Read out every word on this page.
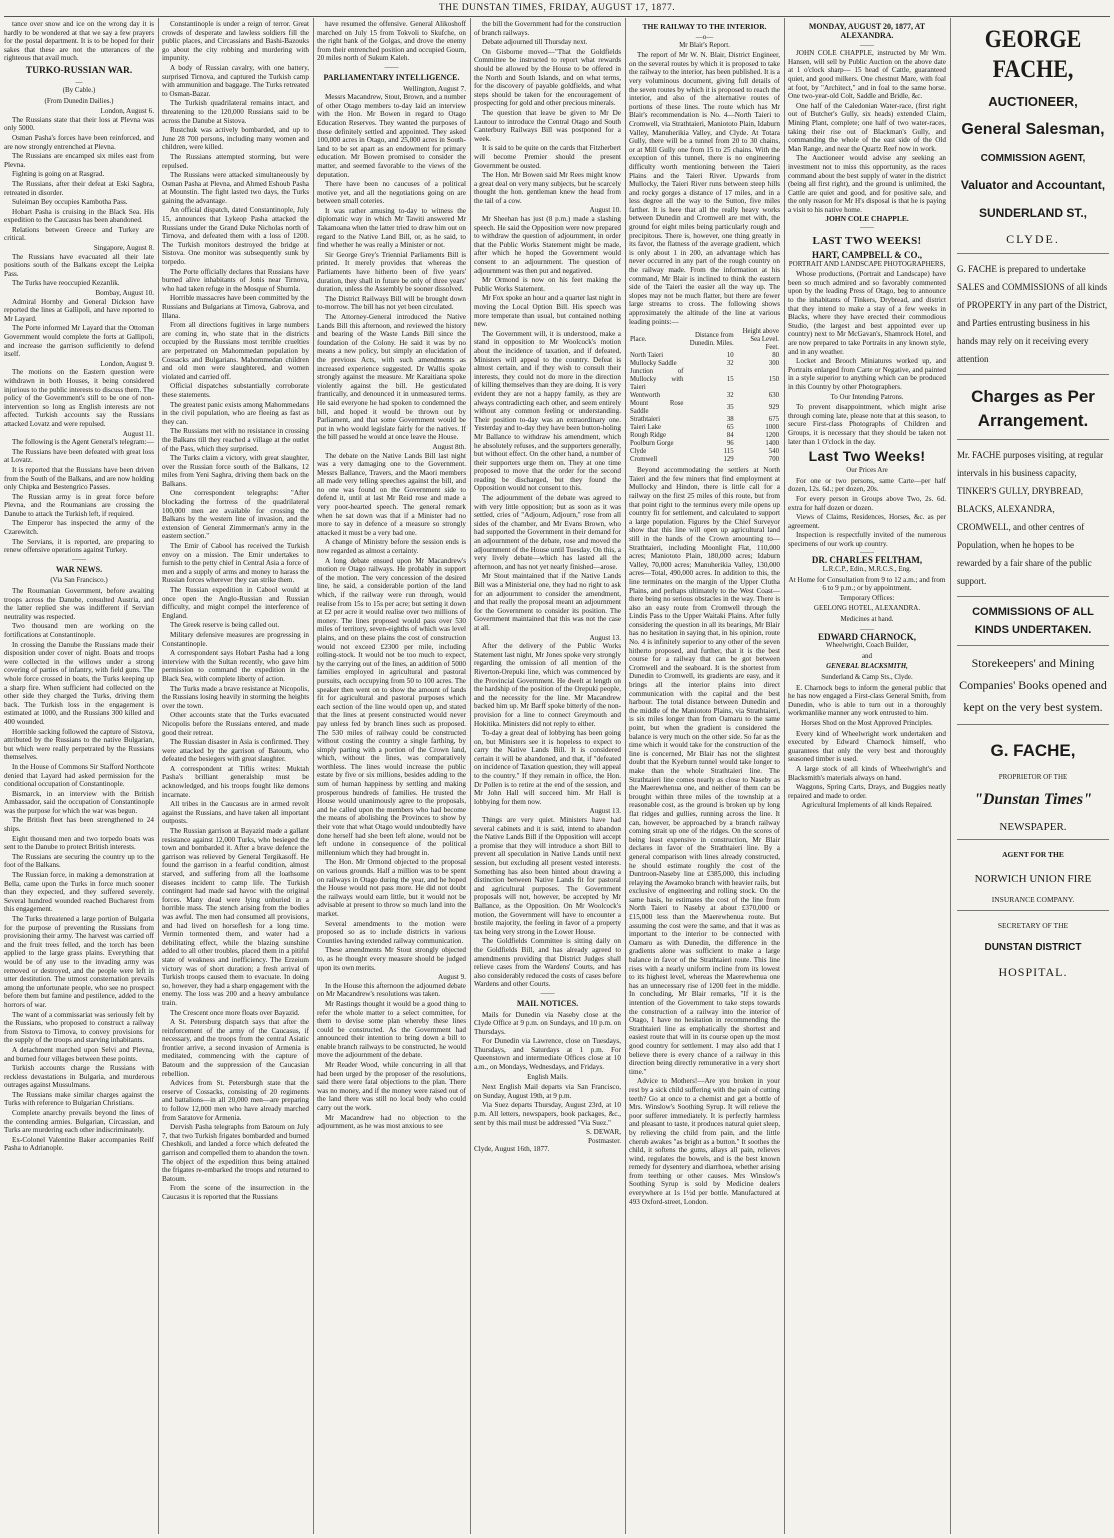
THE DUNSTAN TIMES, FRIDAY, AUGUST 17, 1877.

tance over snow and ice on the wrong day it is hardly to be wondered at that we say a few prayers for the postal department. It is to be hoped for their sakes that these are not the utterances of the righteous that avail much.

TURKO-RUSSIAN WAR.
—
(By Cable.)
(From Dunedin Dailies.)
London, August 6.

The Russians state that their loss at Plevna was only 5000.

Osman Pasha's forces have been reinforced, and are now strongly entrenched at Plevna.

The Russians are encamped six miles east from Plevna.

Fighting is going on at Rasgrad.

The Russians, after their defeat at Eski Sagbra, retreated in disorder.

Suleiman Bey occupies Kambotha Pass.

Hobart Pasha is cruising in the Black Sea. His expedition to the Caucasus has been abandoned.

Relations between Greece and Turkey are critical.

Singapore, August 8.

The Russians have evacuated all their late positions south of the Balkans except the Leipka Pass.

The Turks have reoccupied Kezanlik.

Bombay, August 10.

Admiral Hornby and General Dickson have reported the lines at Gallipoli, and have reported to Mr Layard.

The Porte informed Mr Layard that the Ottoman Government would complete the forts at Gallipoli, and increase the garrison sufficiently to defend itself.

London, August 9.

The motions on the Eastern question were withdrawn in both Houses, it being considered injurious to the public interests to discuss them. The policy of the Government's still to be one of non-intervention so long as English interests are not affected. Turkish accounts say the Russians attacked Lovatz and were repulsed.

August 11.

The following is the Agent General's telegram:—

The Russians have been defeated with great loss at Lovatz.

It is reported that the Russians have been driven from the South of the Balkans, and are now holding only Chipka and Bestengrico Passes.

The Russian army is in great force before Plevna, and the Roumanians are crossing the Danube to attack the Turkish left, if required.

The Emperor has inspected the army of the Czarewitch.

The Servians, it is reported, are preparing to renew offensive operations against Turkey.

——
WAR NEWS.
(Via San Francisco.)

The Roumanian Government, before awaiting troops across the Danube, consulted Austria, and the latter replied she was indifferent if Servian neutrality was respected.

Two thousand men are working on the fortifications at Constantinople.

In crossing the Danube the Russians made their disposition under cover of night. Boats and troops were collected in the willows under a strong covering of parties of infantry, with field guns. The whole force crossed in boats, the Turks keeping up a sharp fire. When sufficient had collected on the other side they charged the Turks, driving them back. The Turkish loss in the engagement is estimated at 1000, and the Russians 300 killed and 400 wounded.

Horrible sacking followed the capture of Sistova, attributed by the Russians to the native Bulgarian, but which were really perpetrated by the Russians themselves.

In the House of Commons Sir Stafford Northcote denied that Layard had asked permission for the conditional occupation of Constantinople.

Bismarck, in an interview with the British Ambassador, said the occupation of Constantinople was the purpose for which the war was begun.

The British fleet has been strengthened to 24 ships.

Eight thousand men and two torpedo boats was sent to the Danube to protect British interests.

The Russians are securing the country up to the foot of the Balkans.

The Russian force, in making a demonstration at Bella, came upon the Turks in force much sooner than they expected, and they suffered severely. Several hundred wounded reached Bucharest from this engagement.

The Turks threatened a large portion of Bulgaria for the purpose of preventing the Russians from provisioning their army. The harvest was carried off and the fruit trees felled, and the torch has been applied to the large grass plains. Everything that would be of any use to the invading army was removed or destroyed, and the people were left in utter destitution. The utmost consternation prevails among the unfortunate people, who see no prospect before them but famine and pestilence, added to the horrors of war.

The want of a commissariat was seriously felt by the Russians, who proposed to construct a railway from Sistova to Tirnova, to convey provisions for the supply of the troops and starving inhabitants.

A detachment marched upon Selvi and Plevna, and burned four villages between these points.

Turkish accounts charge the Russians with reckless devastations in Bulgaria, and murderous outrages against Mussulmans.

The Russians make similar charges against the Turks with reference to Bulgarian Christians.

Complete anarchy prevails beyond the lines of the contending armies. Bulgarian, Circassian, and Turks are murdering each other indiscriminately.

Ex-Colonel Valentine Baker accompanies Reilf Pasha to Adrianople.

Constantinople is under a reign of terror. Great crowds of desperate and lawless soldiers fill the public places, and Circassians and Bashi-Bazouks go about the city robbing and murdering with impunity.

A body of Russian cavalry, with one battery, surprised Tirnova, and captured the Turkish camp with ammunition and baggage. The Turks retreated to Osman-Bazar.

The Turkish quadrilateral remains intact, and threatening to the 120,000 Russians said to be across the Danube at Sistova.

Rustchuk was actively bombarded, and up to June 28 700 persons, including many women and children, were killed.

The Russians attempted storming, but were repulsed.

The Russians were attacked simultaneously by Osman Pasha at Plevna, and Ahmed Eshoub Pasha at Mounstin. The fight lasted two days, the Turks gaining the advantage.

An official dispatch, dated Constantinople, July 15, announces that Lykeop Pasha attacked the Russians under the Grand Duke Nicholas north of Tirnova, and defeated them with a loss of 1200. The Turkish monitors destroyed the bridge at Sistova. One monitor was subsequently sunk by torpedo.

The Porte officially declares that Russians have burned alive inhabitants of Jonis near Tirnova, who had taken refuge in the Mosque of Shumla.

Horrible massacres have been committed by the Russians and Bulgarians at Tirnova, Gabrova, and Illana.

From all directions fugitives in large numbers are coming in, who state that in the districts occupied by the Russians most terrible cruelties are perpetrated on Mahommedan population by Cossacks and Bulgarians. Mahommedan children and old men were slaughtered, and women violated and carried off.

Official dispatches substantially corroborate these statements.

The greatest panic exists among Mahommedans in the civil population, who are fleeing as fast as they can.

The Russians met with no resistance in crossing the Balkans till they reached a village at the outlet of the Pass, which they surprised.

The Turks claim a victory, with great slaughter, over the Russian force south of the Balkans, 12 miles from Yeni Saghra, driving them back on the Balkans.

One correspondent telegraphs: "After blockading the fortress of the quadrilateral 100,000 men are available for crossing the Balkans by the western line of invasion, and the extension of General Zimmerman's army in the eastern section."

The Emir of Cabool has received the Turkish envoy on a mission. The Emir undertakes to furnish to the petty chief in Central Asia a force of men and a supply of arms and money to harass the Russian forces wherever they can strike them.

The Russian expedition in Cabool would at once open the Anglo-Russian and Russian difficulty, and might compel the interference of England.

The Greek reserve is being called out.

Military defensive measures are progressing in Constantinople.

A correspondent says Hobart Pasha had a long interview with the Sultan recently, who gave him permission to command the expedition in the Black Sea, with complete liberty of action.

The Turks made a brave resistance at Nicopolis, the Russians losing heavily in storming the heights over the town.

Other accounts state that the Turks evacuated Nicopolis before the Russians entered, and made good their retreat.

The Russian disaster in Asia is confirmed. They were attacked by the garrison of Batoum, who defeated the besiegers with great slaughter.

A correspondent at Tiflis writes: Muktah Pasha's brilliant generalship must be acknowledged, and his troops fought like demons incarnate.

All tribes in the Caucasus are in armed revolt against the Russians, and have taken all important outposts.

The Russian garrison at Bayazid made a gallant resistance against 12,000 Turks, who besieged the town and bombarded it. After a brave defence the garrison was relieved by General Tergikasoff. He found the garrison in a fearful condition, almost starved, and suffering from all the loathsome diseases incident to camp life. The Turkish contingent had made sad havoc with the original forces. Many dead were lying unburied in a horrible mass. The stench arising from the bodies was awful. The men had consumed all provisions, and had lived on horseflesh for a long time. Vermin tormented them, and water had a debilitating effect, while the blazing sunshine added to all other troubles, placed them in a pitiful state of weakness and inefficiency. The Erzeium victory was of short duration; a fresh arrival of Turkish troops caused them to evacuate. In doing so, however, they had a sharp engagement with the enemy. The loss was 200 and a heavy ambulance train.

The Crescent once more floats over Bayazid.

A St. Petersburg dispatch says that after the reinforcement of the army of the Caucasus, if necessary, and the troops from the central Asiatic frontier arrive, a second invasion of Armenia is meditated, commencing with the capture of Batoum and the suppression of the Caucasian rebellion.

Advices from St. Petersburgh state that the reserve of Cossacks, consisting of 20 regiments and battalions—in all 20,000 men—are preparing to follow 12,000 men who have already marched from Saratove for Armenia.

Dervish Pasha telegraphs from Batoum on July 7, that two Turkish frigates bombarded and burned Cheshkoli, and landed a force which defeated the garrison and compelled them to abandon the town. The object of the expedition thus being attained the frigates re-embarked the troops and returned to Batoum.

From the scene of the insurrection in the Caucasus it is reported that the Russians

have resumed the offensive. General Alikoshoff marched on July 15 from Tokvoli to Skufche, on the right bank of the Golgas, and drove the enemy from their entrenched position and occupied Goum, 20 miles north of Sukum Kaleh.

——
PARLIAMENTARY INTELLIGENCE.
Wellington, August 7.

Messrs Macandrew, Stout, Brown, and a number of other Otago members to-day laid an interview with the Hon. Mr Bowen in regard to Otago Education Reserves. They wanted the purposes of these definitely settled and appointed. They asked 100,000 acres in Otago, and 25,000 acres in South-land to be set apart as an endowment for primary education. Mr Bowen promised to consider the matter, and seemed favorable to the views of the deputation.

There have been no caucuses of a political motive yet, and all the negotiations going on are between small coteries.

It was rather amusing to-day to witness the diplomatic way in which Mr Tawiti answered Mr Takamoana when the latter tried to draw him out on regard to the Native Land Bill, or, as he said, to find whether he was really a Minister or not.

Sir George Grey's Triennial Parliaments Bill is printed. It merely provides that whereas the Parliaments have hitherto been of five years' duration, they shall in future be only of three years' duration, unless the Assembly be sooner dissolved.

The District Railways Bill will be brought down to-morrow. The bill has not yet been circulated.

The Attorney-General introduced the Native Lands Bill this afternoon, and reviewed the history and bearing of the Waste Lands Bill since the foundation of the Colony. He said it was by no means a new policy, but simply an elucidation of the previous Acts, with such amendments as increased experience suggested. Dr Wallis spoke strongly against the measure. Mr Karaitiana spoke violently against the bill. He gesticulated frantically, and denounced it in unmeasured terms. He said everyone he had spoken to condemned the bill, and hoped it would be thrown out by Parliament, and that some Government would be put in who would legislate fairly for the natives. If the bill passed he would at once leave the House.

August 8th.

The debate on the Native Lands Bill last night was a very damaging one to the Government. Messrs Ballance, Travers, and the Maori members all made very telling speeches against the bill, and no one was found on the Government side to defend it, until at last Mr Reid rose and made a very poor-hearted speech. The general remark when he sat down was that if a Minister had no more to say in defence of a measure so strongly attacked it must be a very bad one.

A change of Ministry before the session ends is now regarded as almost a certainty.

A long debate ensued upon Mr Macandrew's motion re Otago railways. He probably in support of the motion. The very concession of the desired line, he said, a considerable portion of the land which, if the railway were run through, would realise from 15s to 15s per acre; but setting it down at £2 per acre it would realise over two millions of money. The lines proposed would pass over 530 miles of territory, seven-eighths of which was level plains, and on these plains the cost of construction would not exceed £2300 per mile, including rolling-stock. It would not be too much to expect, by the carrying out of the lines, an addition of 5000 families employed in agricultural and pastoral pursuits, each occupying from 50 to 100 acres. The speaker then went on to show the amount of lands fit for agricultural and pastoral purposes which each section of the line would open up, and stated that the lines at present constructed would never pay unless fed by branch lines such as proposed. The 530 miles of railway could be constructed without costing the country a single farthing, by simply parting with a portion of the Crown land, which, without the lines, was comparatively worthless. The lines would increase the public estate by five or six millions, besides adding to the sum of human happiness by settling and making prosperous hundreds of families. He trusted the House would unanimously agree to the proposals, and he called upon the members who had become the means of abolishing the Provinces to show by their vote that what Otago would undoubtedly have done herself had she been left alone, would not be left undone in consequence of the political millennium which they had brought in.

The Hon. Mr Ormond objected to the proposal on various grounds. Half a million was to be spent on railways in Otago during the year, and he hoped the House would not pass more. He did not doubt the railways would earn little, but it would not be advisable at present to throw so much land into the market.

Several amendments to the motion were proposed so as to include districts in various Counties having extended railway communication.

These amendments Mr Stout strongly objected to, as he thought every measure should be judged upon its own merits.

August 9.

In the House this afternoon the adjourned debate on Mr Macandrew's resolutions was taken.

Mr Rastings thought it would be a good thing to refer the whole matter to a select committee, for them to devise some plan whereby these lines could be constructed. As the Government had announced their intention to bring down a bill to enable branch railways to be constructed, he would move the adjournment of the debate.

Mr Reader Wood, while concurring in all that had been urged by the proposer of the resolutions, said there were fatal objections to the plan. There was no money, and if the money were raised out of the land there was still no local body who could carry out the work.

Mr Macandrew had no objection to the adjournment, as he was most anxious to see

the bill the Government had for the construction of branch railways.

Debate adjourned till Thursday next.

On Gisborne moved—"That the Goldfields Committee be instructed to report what rewards should be allowed by the House to be offered in the North and South Islands, and on what terms, for the discovery of payable goldfields, and what steps should be taken for the encouragement of prospecting for gold and other precious minerals.

The question that leave be given to Mr De Lautour to introduce the Central Otago and South Canterbury Railways Bill was postponed for a week.

It is said to be quite on the cards that Fitzherbert will become Premier should the present Government be ousted.

The Hon. Mr Bowen said Mr Rees might know a great deal on very many subjects, but he scarcely thought the hon. gentleman knew the head from the tail of a cow.

August 10.

Mr Sheehan has just (8 p.m.) made a slashing speech. He said the Opposition were now prepared to withdraw the question of adjournment, in order that the Public Works Statement might be made, after which he hoped the Government would consent to an adjournment. The question of adjournment was then put and negatived.

Mr Ormond is now on his feet making the Public Works Statement.

Mr Fox spoke an hour and a quarter last night in moving the Local Option Bill. His speech was more temperate than usual, but contained nothing new.

The Government will, it is understood, make a stand in opposition to Mr Woolcock's motion about the incidence of taxation, and if defeated, Ministers will appeal to the country. Defeat is almost certain, and if they wish to consult their interests, they could not do more in the direction of killing themselves than they are doing. It is very evident they are not a happy family, as they are always contradicting each other, and seem entirely without any common feeling or understanding. Their position to-day was an extraordinary one. Yesterday and to-day they have been button-holing Mr Ballance to withdraw his amendment, which he absolutely refuses, and the supporters generally, but without effect. On the other hand, a number of their supporters urge them on. They at one time proposed to move that the order for the second reading be discharged, but they found the Opposition would not consent to this.

The adjournment of the debate was agreed to with very little opposition; but as soon as it was settled, cries of "Adjourn, Adjourn," rose from all sides of the chamber, and Mr Evans Brown, who had supported the Government in their demand for an adjournment of the debate, rose and moved the adjournment of the House until Tuesday. On this, a very lively debate—which has lasted all the afternoon, and has not yet nearly finished—arose.

Mr Stout maintained that if the Native Lands Bill was a Ministerial one, they had no right to ask for an adjournment to consider the amendment, and that really the proposal meant an adjournment for the Government to consider its position. The Government maintained that this was not the case at all.

August 13.

After the delivery of the Public Works Statement last night, Mr Jones spoke very strongly regarding the omission of all mention of the Riverton-Orepuki line, which was commenced by the Provincial Government. He dwelt at length on the hardship of the position of the Orepuki people, and the necessity for the line. Mr Macandrew backed him up. Mr Barff spoke bitterly of the non-provision for a line to connect Greymouth and Hokitika. Ministers did not reply to either.

To-day a great deal of lobbying has been going on, but Ministers see it is hopeless to expect to carry the Native Lands Bill. It is considered certain it will be abandoned, and that, if "defeated on incidence of Taxation question, they will appeal to the country." If they remain in office, the Hon. Dr Pollen is to retire at the end of the session, and Mr John Hall will succeed him. Mr Hall is lobbying for them now.

August 13.

Things are very quiet. Ministers have had several cabinets and it is said, intend to abandon the Native Lands Bill if the Opposition will accept a promise that they will introduce a short Bill to prevent all speculation in Native Lands until next session, but excluding all present vested interests. Something has also been hinted about drawing a distinction between Native Lands fit for pastoral and agricultural purposes. The Government proposals will not, however, be accepted by Mr Ballance, as the Opposition. On Mr Woolcock's motion, the Government will have to encounter a hostile majority, the feeling in favor of a property tax being very strong in the Lower House.

The Goldfields Committee is sitting daily on the Goldfields Bill, and has already agreed to amendments providing that District Judges shall relieve cases from the Wardens' Courts, and has also considerably reduced the costs of cases before Wardens and other Courts.

——
MAIL NOTICES.

Mails for Dunedin via Naseby close at the Clyde Office at 9 p.m. on Sundays, and 10 p.m. on Thursdays.

For Dunedin via Lawrence, close on Tuesdays, Thursdays, and Saturdays at 1 p.m. For Queenstown and intermediate Offices close at 10 a.m., on Mondays, Wednesdays, and Fridays.

English Mails.

Next English Mail departs via San Francisco, on Sunday, August 19th, at 9 p.m.

Via Suez departs Thursday, August 23rd, at 10 p.m. All letters, newspapers, book packages, &c., sent by this mail must be addressed "Via Suez."

S. DEWAR,
Postmaster.
Clyde, August 16th, 1877.
THE RAILWAY TO THE INTERIOR.
—o—
Mr Blair's Report.

The report of Mr W. N. Blair, District Engineer, on the several routes by which it is proposed to take the railway to the interior, has been published. It is a very voluminous document, giving full details of the seven routes by which it is proposed to reach the interior, and also of the alternative routes of portions of these lines. The route which has Mr Blair's recommendation is No. 4—North Taieri to Cromwell, via Strathtaieri, Maniototo Plain, Idaburn Valley, Manuherikia Valley, and Clyde. At Totara Gully, there will be a tunnel from 20 to 30 chains, or at Mill Gully one from 15 to 25 chains. With the exception of this tunnel, there is no engineering difficulty worth mentioning between the Taieri Plains and the Taieri River. Upwards from Mullocky, the Taieri River runs between steep hills and rocky gorges a distance of 17 miles, and in a less degree all the way to the Sutton, five miles farther. It is here that all the really heavy works between Dunedin and Cromwell are met with, the ground for eight miles being particularly rough and precipitous. There is, however, one thing greatly in its favor, the flatness of the average gradient, which is only about 1 in 200, an advantage which has never occurred in any part of the rough country on the railway made. From the information at his command, Mr Blair is inclined to think the eastern side of the Taieri the easier all the way up. The slopes may not be much flatter, but there are fewer large streams to cross. The following shows approximately the altitude of the line at various leading points:—

Place.	Distance from Dunedin. Miles.	Height above Sea Level. Feet.
North Taieri	10	80
Mullocky Saddle	32	300
Junction of Mullocky with Taieri	15	150
Wentworth	32	630
Mount Rose Saddle	35	929
Strathtaieri	38	675
Taieri Lake	65	1000
Rough Ridge	84	1200
Poolburn Gorge	96	1400
Clyde	115	540
Cromwell	129	700

Beyond accommodating the settlers at North Taieri and the few miners that find employment at Mullocky and Hindon, there is little call for a railway on the first 25 miles of this route, but from that point right to the terminus every mile opens up country fit for settlement, and calculated to support a large population. Figures by the Chief Surveyor show that this line will open up agricultural land still in the hands of the Crown amounting to—Strathtaieri, including Moonlight Flat, 110,000 acres; Maniototo Plain, 180,000 acres; Idaburn Valley, 70,000 acres; Manuherikia Valley, 130,000 acres—Total, 490,000 acres. In addition to this, the line terminates on the margin of the Upper Clutha Plains, and perhaps ultimately to the West Coast—there being no serious obstacles in the way. There is also an easy route from Cromwell through the Lindis Pass to the Upper Waitaki Plains. After fully considering the question in all its bearings, Mr Blair has no hesitation in saying that, in his opinion, route No. 4 is infinitely superior to any other of the seven hitherto proposed, and further, that it is the best course for a railway that can be got between Cromwell and the seaboard. It is the shortest from Dunedin to Cromwell, its gradients are easy, and it brings all the interior plains into direct communication with the capital and the best harbour. The total distance between Dunedin and the middle of the Maniototo Plains, via Strathtaieri, is six miles longer than from Oamaru to the same point, but when the gradient is considered the balance is very much on the other side. So far as the time which it would take for the construction of the line is concerned, Mr Blair has not the slightest doubt that the Kyeburn tunnel would take longer to make than the whole Strathtaieri line. The Strathtaieri line comes nearly as close to Naseby as the Maerewhenua one, and neither of them can be brought within three miles of the township at a reasonable cost, as the ground is broken up by long flat ridges and gullies, running across the line. It can, however, be approached by a branch railway coming strait up one of the ridges. On the scores of being least expensive in construction, Mr Blair declares in favor of the Strathtaieri line. By a general comparison with lines already constructed, he should estimate roughly the cost of the Duntroon-Naseby line at £385,000, this including relaying the Awamoko branch with heavier rails, but exclusive of engineering and rolling stock. On the same basis, he estimates the cost of the line from North Taieri to Naseby at about £370,000 or £15,000 less than the Maerewhenua route. But assuming the cost were the same, and that it was as important to the interior to be connected with Oamaru as with Dunedin, the difference in the gradients alone was sufficient to make a large balance in favor of the Strathtaieri route. This line rises with a nearly uniform incline from its lowest to its highest level, whereas the Maerewhenua one has an unnecessary rise of 1200 feet in the middle. In concluding, Mr Blair remarks, "If it is the intention of the Government to take steps towards the construction of a railway into the interior of Otago, I have no hesitation in recommending the Strathtaieri line as emphatically the shortest and easiest route that will in its course open up the most good country for settlement. I may also add that I believe there is every chance of a railway in this direction being directly remunerative in a very short time."

Advice to Mothers!—Are you broken in your rest by a sick child suffering with the pain of cutting teeth? Go at once to a chemist and get a bottle of Mrs. Winslow's Soothing Syrup. It will relieve the poor sufferer immediately. It is perfectly harmless and pleasant to taste, it produces natural quiet sleep, by relieving the child from pain, and the little cherub awakes "as bright as a button." It soothes the child, it softens the gums, allays all pain, relieves wind, regulates the bowels, and is the best known remedy for dysentery and diarrhoea, whether arising from teething or other causes. Mrs Winslow's Soothing Syrup is sold by Medicine dealers everywhere at 1s 1½d per bottle. Manufactured at 493 Oxford-street, London.

MONDAY, AUGUST 20, 1877, AT ALEXANDRA.
——

JOHN COLE CHAPPLE, instructed by Mr Wm. Hansen, will sell by Public Auction on the above date at 1 o'clock sharp— 15 head of Cattle, guaranteed quiet, and good milkers. One chestnut Mare, with foal at foot, by "Architect," and in foal to the same horse. One two-year-old Colt, Saddle and Bridle, &c.

One half of the Caledonian Water-race, (first right out of Butcher's Gully, six heads) extended Claim, Mining Plant, complete; one half of two water-races, taking their rise out of Blackman's Gully, and commanding the whole of the east side of the Old Man Range, and near the Quartz Reef now in work.

The Auctioneer would advise any seeking an investment not to miss this opportunity, as the races command about the best supply of water in the district (being all first right), and the ground is unlimited, the Cattle are quiet and good, and for positive sale, and the only reason for Mr H's disposal is that he is paying a visit to his native home.

JOHN COLE CHAPPLE.
——
LAST TWO WEEKS!
HART, CAMPBELL & CO.,
PORTRAIT AND LANDSCAPE PHOTOGRAPHERS,

Whose productions, (Portrait and Landscape) have been so much admired and so favorably commented upon by the leading Press of Otago, beg to announce to the inhabitants of Tinkers, Drybread, and district that they intend to make a stay of a few weeks in Blacks, where they have erected their commodious Studio, (the largest and best appointed ever up country) next to Mr McGavan's, Shamrock Hotel, and are now prepared to take Portraits in any known style, and in any weather.

Locket and Brooch Miniatures worked up, and Portraits enlarged from Carte or Negative, and painted in a style superior to anything which can be produced in this Country by other Photographers.

To Our Intending Patrons.

To prevent disappointment, which might arise through coming late, please note that at this season, to secure First-class Photographs of Children and Groups, it is necessary that they should be taken not later than 1 O'clock in the day.

Last Two Weeks!
Our Prices Are

For one or two persons, same Carte—per half dozen, 12s. 6d.; per dozen, 20s.

For every person in Groups above Two, 2s. 6d. extra for half dozen or dozen.

Views of Claims, Residences, Horses, &c. as per agreement.

Inspection is respectfully invited of the numerous specimens of our work up country.

——
DR. CHARLES FELTHAM,
L.R.C.P., Edin., M.R.C.S., Eng.

At Home for Consultation from 9 to 12 a.m.; and from 6 to 9 p.m.; or by appointment.

Temporary Offices:
GEELONG HOTEL, ALEXANDRA.
Medicines at hand.
——
EDWARD CHARNOCK,
Wheelwright, Coach Builder,
and
GENERAL BLACKSMITH,
Sunderland & Camp Sts., Clyde.

E. Charnock begs to inform the general public that he has now engaged a First-class General Smith, from Dunedin, who is able to turn out in a thoroughly workmanlike manner any work entrusted to him.

Horses Shod on the Most Approved Principles.

Every kind of Wheelwright work undertaken and executed by Edward Charnock himself, who guarantees that only the very best and thoroughly seasoned timber is used.

A large stock of all kinds of Wheelwright's and Blacksmith's materials always on hand.

Waggons, Spring Carts, Drays, and Buggies neatly repaired and made to order.

Agricultural Implements of all kinds Repaired.
GEORGE FACHE,
AUCTIONEER,
General Salesman,
COMMISSION AGENT,
Valuator and Accountant,
SUNDERLAND ST.,
CLYDE.
G. FACHE is prepared to undertake SALES and COMMISSIONS of all kinds of PROPERTY in any part of the District, and Parties entrusting business in his hands may rely on it receiving every attention
Charges as Per Arrangement.
Mr. FACHE purposes visiting, at regular intervals in his business capacity, TINKER'S GULLY, DRYBREAD, BLACKS, ALEXANDRA, CROMWELL, and other centres of Population, when he hopes to be rewarded by a fair share of the public support.
COMMISSIONS OF ALL KINDS UNDERTAKEN.
Storekeepers' and Mining Companies' Books opened and kept on the very best system.
G. FACHE,
PROPRIETOR OF THE
"Dunstan Times"
NEWSPAPER.
AGENT FOR THE
NORWICH UNION FIRE
INSURANCE COMPANY.
SECRETARY OF THE
DUNSTAN DISTRICT
HOSPITAL.
